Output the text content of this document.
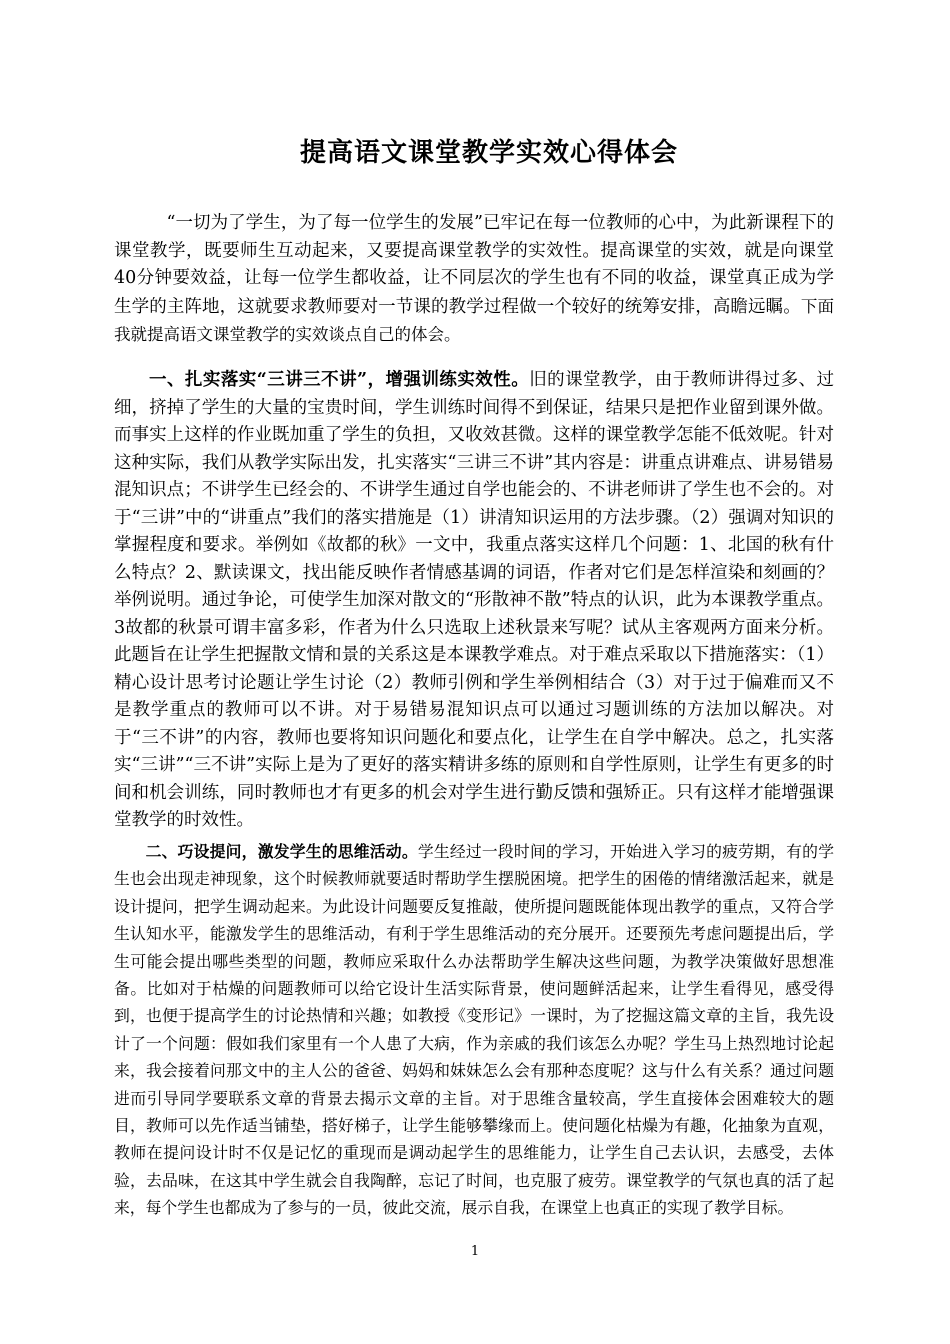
提高语文课堂教学实效心得体会

“一切为了学生，为了每一位学生的发展”已牢记在每一位教师的心中，为此新课程下的课堂教学，既要师生互动起来，又要提高课堂教学的实效性。提高课堂的实效，就是向课堂40分钟要效益，让每一位学生都收益，让不同层次的学生也有不同的收益，课堂真正成为学生学的主阵地，这就要求教师要对一节课的教学过程做一个较好的统筹安排，高瞻远瞩。下面我就提高语文课堂教学的实效谈点自己的体会。

一、扎实落实“三讲三不讲”，增强训练实效性。旧的课堂教学，由于教师讲得过多、过细，挤掉了学生的大量的宝贵时间，学生训练时间得不到保证，结果只是把作业留到课外做。而事实上这样的作业既加重了学生的负担，又收效甚微。这样的课堂教学怎能不低效呢。针对这种实际，我们从教学实际出发，扎实落实“三讲三不讲”其内容是：讲重点讲难点、讲易错易混知识点；不讲学生已经会的、不讲学生通过自学也能会的、不讲老师讲了学生也不会的。对于“三讲”中的“讲重点”我们的落实措施是（1）讲清知识运用的方法步骤。（2）强调对知识的掌握程度和要求。举例如《故都的秋》一文中，我重点落实这样几个问题：1、北国的秋有什么特点？2、默读课文，找出能反映作者情感基调的词语，作者对它们是怎样渲染和刻画的？举例说明。通过争论，可使学生加深对散文的“形散神不散”特点的认识，此为本课教学重点。3故都的秋景可谓丰富多彩，作者为什么只选取上述秋景来写呢？试从主客观两方面来分析。此题旨在让学生把握散文情和景的关系这是本课教学难点。对于难点采取以下措施落实：（1）精心设计思考讨论题让学生讨论（2）教师引例和学生举例相结合（3）对于过于偏难而又不是教学重点的教师可以不讲。对于易错易混知识点可以通过习题训练的方法加以解决。对于“三不讲”的内容，教师也要将知识问题化和要点化，让学生在自学中解决。总之，扎实落实“三讲”“三不讲”实际上是为了更好的落实精讲多练的原则和自学性原则，让学生有更多的时间和机会训练，同时教师也才有更多的机会对学生进行勤反馈和强矫正。只有这样才能增强课堂教学的时效性。

二、巧设提问，激发学生的思维活动。学生经过一段时间的学习，开始进入学习的疲劳期，有的学生也会出现走神现象，这个时候教师就要适时帮助学生摆脱困境。把学生的困倦的情绪激活起来，就是设计提问，把学生调动起来。为此设计问题要反复推敲，使所提问题既能体现出教学的重点，又符合学生认知水平，能激发学生的思维活动，有利于学生思维活动的充分展开。还要预先考虑问题提出后，学生可能会提出哪些类型的问题，教师应采取什么办法帮助学生解决这些问题，为教学决策做好思想准备。比如对于枯燥的问题教师可以给它设计生活实际背景，使问题鲜活起来，让学生看得见，感受得到，也便于提高学生的讨论热情和兴趣；如教授《变形记》一课时，为了挖掘这篇文章的主旨，我先设计了一个问题：假如我们家里有一个人患了大病，作为亲戚的我们该怎么办呢？学生马上热烈地讨论起来，我会接着问那文中的主人公的爸爸、妈妈和妹妹怎么会有那种态度呢？这与什么有关系？通过问题进而引导同学要联系文章的背景去揭示文章的主旨。对于思维含量较高，学生直接体会困难较大的题目，教师可以先作适当铺垫，搭好梯子，让学生能够攀缘而上。使问题化枯燥为有趣，化抽象为直观，教师在提问设计时不仅是记忆的重现而是调动起学生的思维能力，让学生自己去认识，去感受，去体验，去品味，在这其中学生就会自我陶醉，忘记了时间，也克服了疲劳。课堂教学的气氛也真的活了起来，每个学生也都成为了参与的一员，彼此交流，展示自我，在课堂上也真正的实现了教学目标。

1
